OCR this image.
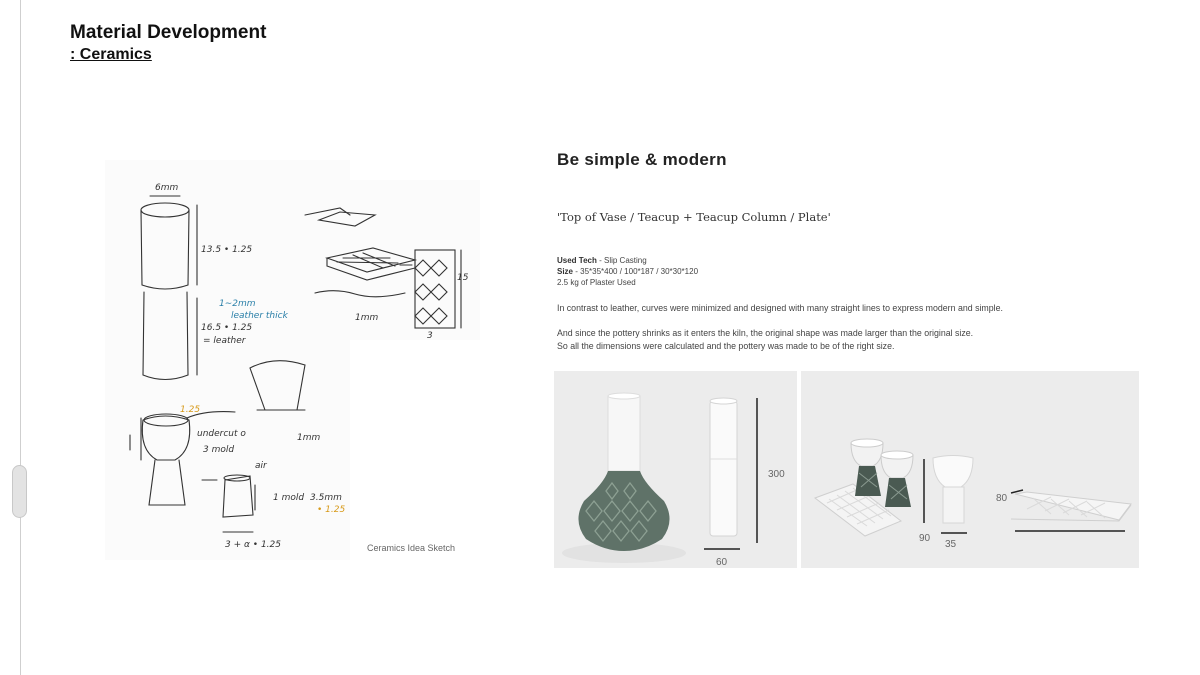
Material Development
: Ceramics
6mm
13.5 • 1.25
1∼2mm
leather thick
16.5 • 1.25
= leather
1mm
15
undercut o
3 mold
air
1 mold 3.5mm
• 1.25
3 + α • 1.25
1.25
1mm
3
Ceramics Idea Sketch
Be simple & modern
'Top of Vase / Teacup + Teacup Column / Plate'
Used Tech - Slip Casting
Size - 35*35*400 / 100*187 / 30*30*120
2.5 kg of Plaster Used
In contrast to leather, curves were minimized and designed with many straight lines to express modern and simple.
And since the pottery shrinks as it enters the kiln, the original shape was made larger than the original size.
So all the dimensions were calculated and the pottery was made to be of the right size.
300
60
90
35
80
